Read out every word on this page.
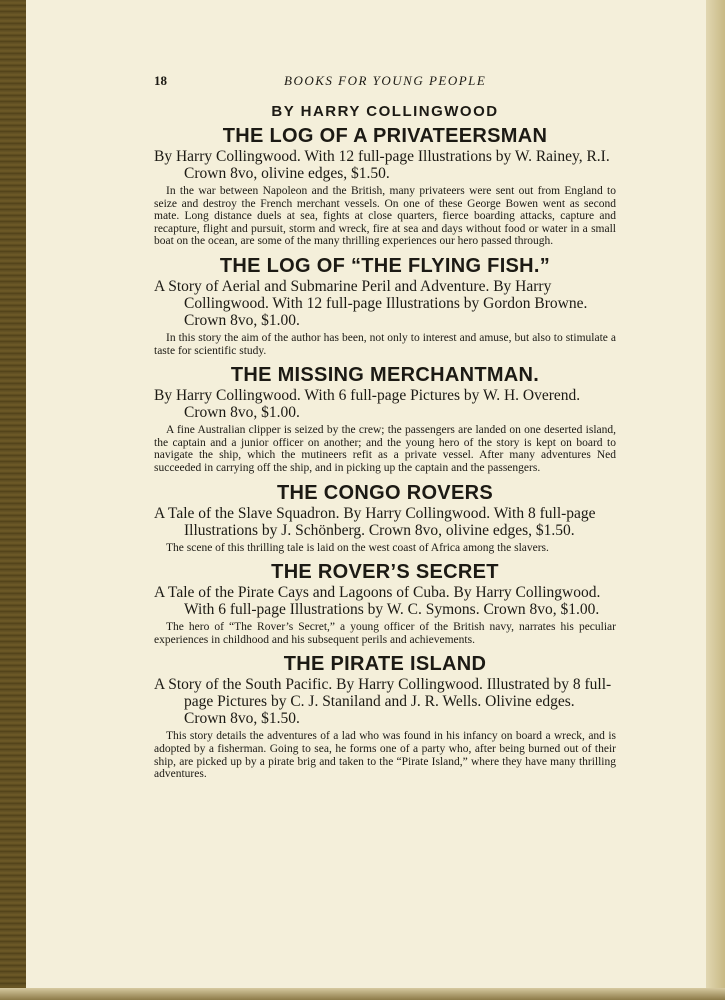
18	BOOKS FOR YOUNG PEOPLE
BY HARRY COLLINGWOOD
THE LOG OF A PRIVATEERSMAN

By Harry Collingwood. With 12 full-page Illustrations by W. Rainey, R.I. Crown 8vo, olivine edges, $1.50.

In the war between Napoleon and the British, many privateers were sent out from England to seize and destroy the French merchant vessels. On one of these George Bowen went as second mate. Long distance duels at sea, fights at close quarters, fierce boarding attacks, capture and recapture, flight and pursuit, storm and wreck, fire at sea and days without food or water in a small boat on the ocean, are some of the many thrilling experiences our hero passed through.

THE LOG OF “THE FLYING FISH.”

A Story of Aerial and Submarine Peril and Adventure. By Harry Collingwood. With 12 full-page Illustrations by Gordon Browne. Crown 8vo, $1.00.

In this story the aim of the author has been, not only to interest and amuse, but also to stimulate a taste for scientific study.

THE MISSING MERCHANTMAN.

By Harry Collingwood. With 6 full-page Pictures by W. H. Overend. Crown 8vo, $1.00.

A fine Australian clipper is seized by the crew; the passengers are landed on one deserted island, the captain and a junior officer on another; and the young hero of the story is kept on board to navigate the ship, which the mutineers refit as a private vessel. After many adventures Ned succeeded in carrying off the ship, and in picking up the captain and the passengers.

THE CONGO ROVERS

A Tale of the Slave Squadron. By Harry Collingwood. With 8 full-page Illustrations by J. Schönberg. Crown 8vo, olivine edges, $1.50.

The scene of this thrilling tale is laid on the west coast of Africa among the slavers.

THE ROVER’S SECRET

A Tale of the Pirate Cays and Lagoons of Cuba. By Harry Collingwood. With 6 full-page Illustrations by W. C. Symons. Crown 8vo, $1.00.

The hero of “The Rover’s Secret,” a young officer of the British navy, narrates his peculiar experiences in childhood and his subsequent perils and achievements.

THE PIRATE ISLAND

A Story of the South Pacific. By Harry Collingwood. Illustrated by 8 full-page Pictures by C. J. Staniland and J. R. Wells. Olivine edges. Crown 8vo, $1.50.

This story details the adventures of a lad who was found in his infancy on board a wreck, and is adopted by a fisherman. Going to sea, he forms one of a party who, after being burned out of their ship, are picked up by a pirate brig and taken to the “Pirate Island,” where they have many thrilling adventures.
